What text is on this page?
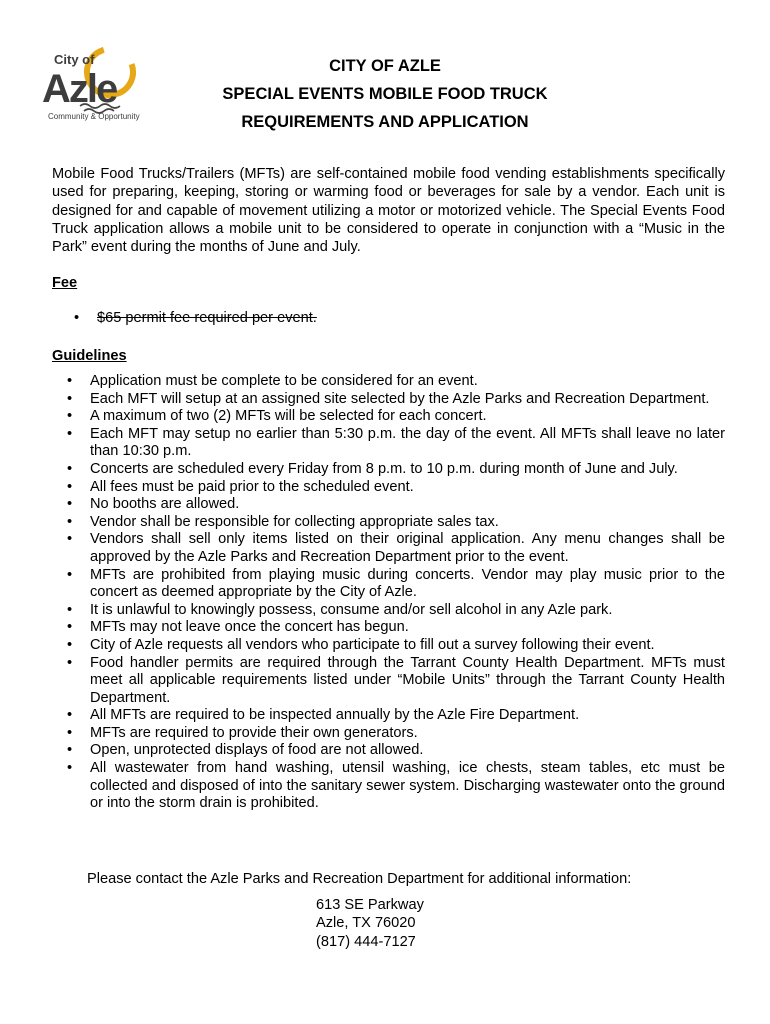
City of
Azle
Community & Opportunity
CITY OF AZLE
SPECIAL EVENTS MOBILE FOOD TRUCK
REQUIREMENTS AND APPLICATION

Mobile Food Trucks/Trailers (MFTs) are self-contained mobile food vending establishments specifically used for preparing, keeping, storing or warming food or beverages for sale by a vendor. Each unit is designed for and capable of movement utilizing a motor or motorized vehicle. The Special Events Food Truck application allows a mobile unit to be considered to operate in conjunction with a “Music in the Park” event during the months of June and July.

Fee

• $65 permit fee required per event.

Guidelines

• Application must be complete to be considered for an event.
• Each MFT will setup at an assigned site selected by the Azle Parks and Recreation Department.
• A maximum of two (2) MFTs will be selected for each concert.
• Each MFT may setup no earlier than 5:30 p.m. the day of the event. All MFTs shall leave no later than 10:30 p.m.
• Concerts are scheduled every Friday from 8 p.m. to 10 p.m. during month of June and July.
• All fees must be paid prior to the scheduled event.
• No booths are allowed.
• Vendor shall be responsible for collecting appropriate sales tax.
• Vendors shall sell only items listed on their original application. Any menu changes shall be approved by the Azle Parks and Recreation Department prior to the event.
• MFTs are prohibited from playing music during concerts. Vendor may play music prior to the concert as deemed appropriate by the City of Azle.
• It is unlawful to knowingly possess, consume and/or sell alcohol in any Azle park.
• MFTs may not leave once the concert has begun.
• City of Azle requests all vendors who participate to fill out a survey following their event.
• Food handler permits are required through the Tarrant County Health Department. MFTs must meet all applicable requirements listed under “Mobile Units” through the Tarrant County Health Department.
• All MFTs are required to be inspected annually by the Azle Fire Department.
• MFTs are required to provide their own generators.
• Open, unprotected displays of food are not allowed.
• All wastewater from hand washing, utensil washing, ice chests, steam tables, etc must be collected and disposed of into the sanitary sewer system. Discharging wastewater onto the ground or into the storm drain is prohibited.

Please contact the Azle Parks and Recreation Department for additional information:

613 SE Parkway
Azle, TX 76020
(817) 444-7127
